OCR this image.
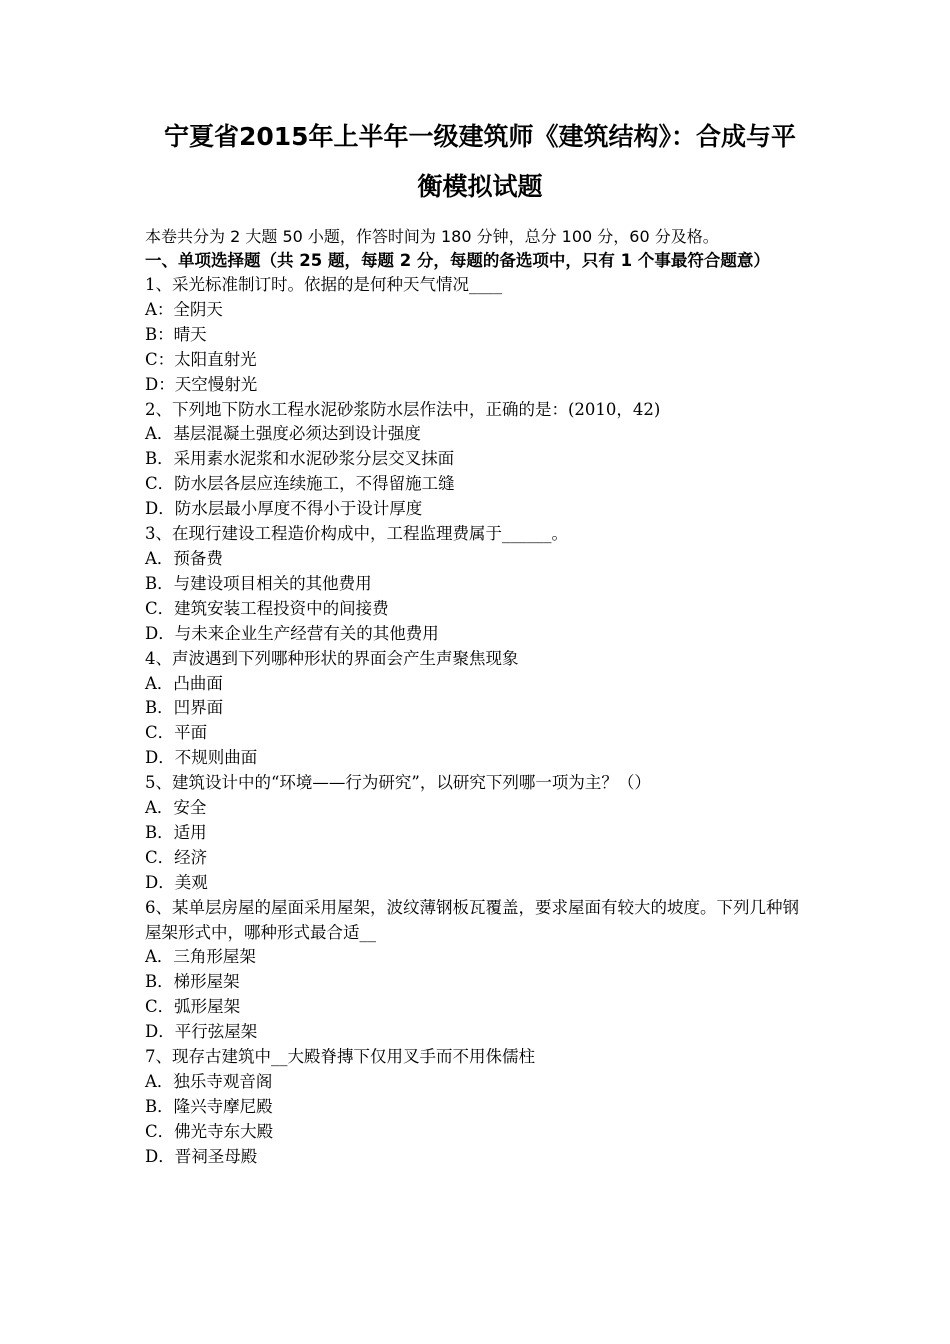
宁夏省2015年上半年一级建筑师《建筑结构》：合成与平
衡模拟试题

本卷共分为 2 大题 50 小题，作答时间为 180 分钟，总分 100 分，60 分及格。

一、单项选择题（共 25 题，每题 2 分，每题的备选项中，只有 1 个事最符合题意）

1、采光标准制订时。依据的是何种天气情况____

A：全阴天

B：晴天

C：太阳直射光

D：天空慢射光

2、下列地下防水工程水泥砂浆防水层作法中，正确的是：(2010，42)

A．基层混凝土强度必须达到设计强度

B．采用素水泥浆和水泥砂浆分层交叉抹面

C．防水层各层应连续施工，不得留施工缝

D．防水层最小厚度不得小于设计厚度

3、在现行建设工程造价构成中，工程监理费属于______。

A．预备费

B．与建设项目相关的其他费用

C．建筑安装工程投资中的间接费

D．与未来企业生产经营有关的其他费用

4、声波遇到下列哪种形状的界面会产生声聚焦现象

A．凸曲面

B．凹界面

C．平面

D．不规则曲面

5、建筑设计中的“环境——行为研究”，以研究下列哪一项为主？（）

A．安全

B．适用

C．经济

D．美观

6、某单层房屋的屋面采用屋架，波纹薄钢板瓦覆盖，要求屋面有较大的坡度。下列几种钢屋架形式中，哪种形式最合适__

A．三角形屋架

B．梯形屋架

C．弧形屋架

D．平行弦屋架

7、现存古建筑中__大殿脊摶下仅用叉手而不用侏儒柱

A．独乐寺观音阁

B．隆兴寺摩尼殿

C．佛光寺东大殿

D．晋祠圣母殿
